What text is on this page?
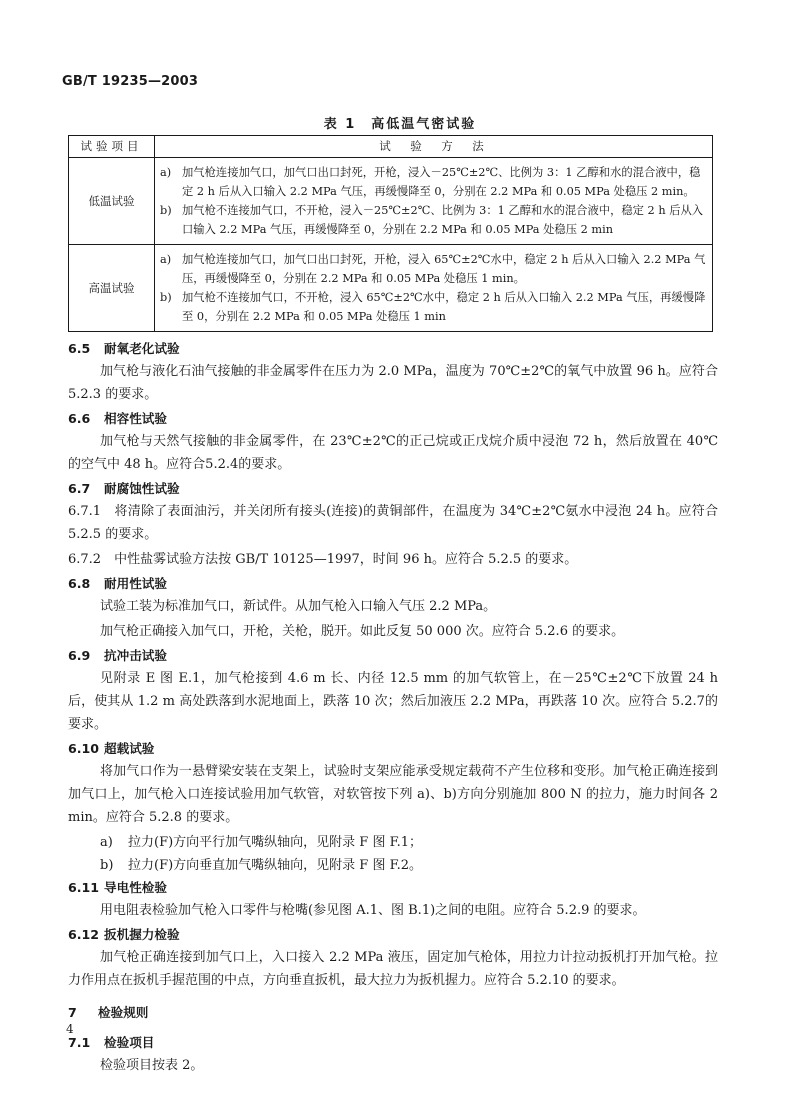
GB/T 19235—2003
表 1　高低温气密试验
试验项目	试　验　方　法
低温试验	a) 加气枪连接加气口，加气口出口封死，开枪，浸入－25℃±2℃、比例为 3：1 乙醇和水的混合液中，稳定 2 h 后从入口输入 2.2 MPa 气压，再缓慢降至 0，分别在 2.2 MPa 和 0.05 MPa 处稳压 2 min。
b) 加气枪不连接加气口，不开枪，浸入－25℃±2℃、比例为 3：1 乙醇和水的混合液中，稳定 2 h 后从入口输入 2.2 MPa 气压，再缓慢降至 0，分别在 2.2 MPa 和 0.05 MPa 处稳压 2 min

高温试验	a) 加气枪连接加气口，加气口出口封死，开枪，浸入 65℃±2℃水中，稳定 2 h 后从入口输入 2.2 MPa 气压，再缓慢降至 0，分别在 2.2 MPa 和 0.05 MPa 处稳压 1 min。
b) 加气枪不连接加气口，不开枪，浸入 65℃±2℃水中，稳定 2 h 后从入口输入 2.2 MPa 气压，再缓慢降至 0，分别在 2.2 MPa 和 0.05 MPa 处稳压 1 min
6.5	耐氧老化试验

加气枪与液化石油气接触的非金属零件在压力为 2.0 MPa，温度为 70℃±2℃的氧气中放置 96 h。应符合 5.2.3 的要求。

6.6	相容性试验

加气枪与天然气接触的非金属零件，在 23℃±2℃的正己烷或正戊烷介质中浸泡 72 h，然后放置在 40℃的空气中 48 h。应符合5.2.4的要求。

6.7	耐腐蚀性试验

6.7.1　 将清除了表面油污，并关闭所有接头(连接)的黄铜部件，在温度为 34℃±2℃氨水中浸泡 24 h。应符合 5.2.5 的要求。

6.7.2　 中性盐雾试验方法按 GB/T 10125—1997，时间 96 h。应符合 5.2.5 的要求。

6.8	耐用性试验

试验工装为标准加气口，新试件。从加气枪入口输入气压 2.2 MPa。

加气枪正确接入加气口，开枪，关枪，脱开。如此反复 50 000 次。应符合 5.2.6 的要求。

6.9	抗冲击试验

见附录 E 图 E.1，加气枪接到 4.6 m 长、内径 12.5 mm 的加气软管上，在－25℃±2℃下放置 24 h 后，使其从 1.2 m 高处跌落到水泥地面上，跌落 10 次；然后加液压 2.2 MPa，再跌落 10 次。应符合 5.2.7的要求。

6.10 超载试验

将加气口作为一悬臂梁安装在支架上，试验时支架应能承受规定载荷不产生位移和变形。加气枪正确连接到加气口上，加气枪入口连接试验用加气软管，对软管按下列 a)、b)方向分别施加 800 N 的拉力，施力时间各 2 min。应符合 5.2.8 的要求。

a)	拉力(F)方向平行加气嘴纵轴向，见附录 F 图 F.1；
b)	拉力(F)方向垂直加气嘴纵轴向，见附录 F 图 F.2。
6.11 导电性检验

用电阻表检验加气枪入口零件与枪嘴(参见图 A.1、图 B.1)之间的电阻。应符合 5.2.9 的要求。

6.12 扳机握力检验

加气枪正确连接到加气口上，入口接入 2.2 MPa 液压，固定加气枪体，用拉力计拉动扳机打开加气枪。拉力作用点在扳机手握范围的中点，方向垂直扳机，最大拉力为扳机握力。应符合 5.2.10 的要求。

7	检验规则
7.1	检验项目

检验项目按表 2。

4
